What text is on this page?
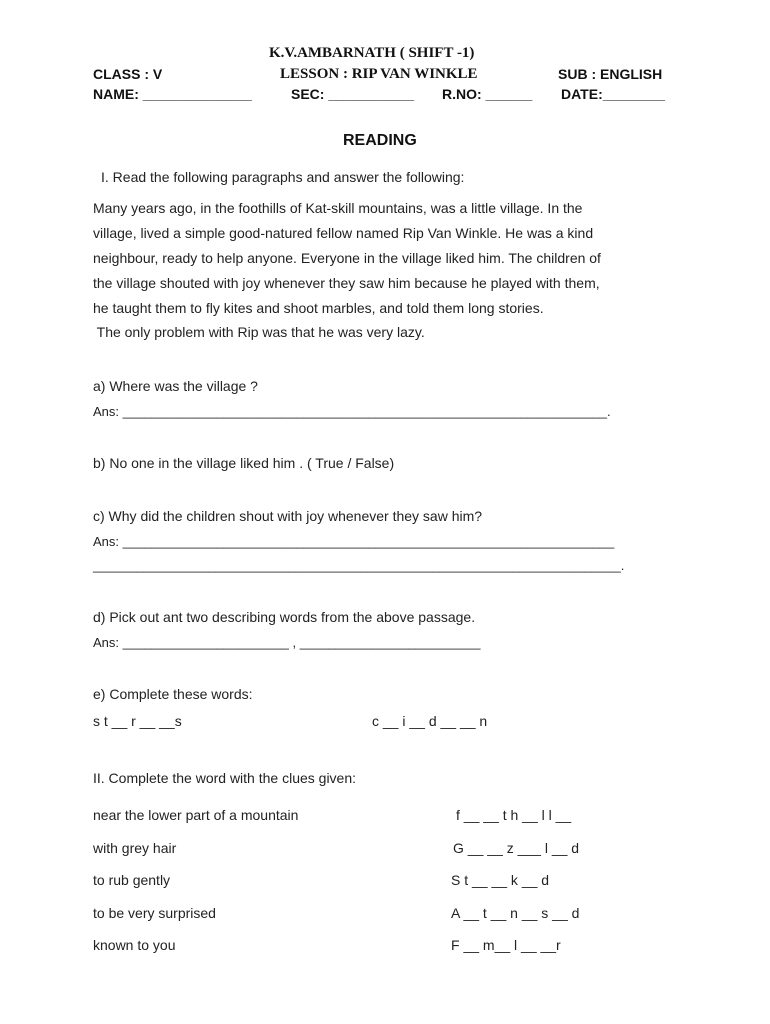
K.V.AMBARNATH ( SHIFT -1)
CLASS : V	LESSON : RIP VAN WINKLE	SUB : ENGLISH
NAME: ______________	SEC: ___________ R.NO: ______ DATE:________
READING
I. Read the following paragraphs and answer the following:
Many years ago, in the foothills of Kat-skill mountains, was a little village. In the
village, lived a simple good-natured fellow named Rip Van Winkle. He was a kind
neighbour, ready to help anyone. Everyone in the village liked him. The children of
the village shouted with joy whenever they saw him because he played with them,
he taught them to fly kites and shoot marbles, and told them long stories.
The only problem with Rip was that he was very lazy.
a) Where was the village ?
Ans: ___________________________________________________________________.
b) No one in the village liked him . ( True / False)
c) Why did the children shout with joy whenever they saw him?
Ans: ____________________________________________________________________
_________________________________________________________________________.
d) Pick out ant two describing words from the above passage.
Ans: _______________________ , _________________________
e) Complete these words:
s t __ r __ __s	c __ i __ d __ __ n
II. Complete the word with the clues given:
near the lower part of a mountain	f __ __ t h __ l l __
with grey hair	G __ __ z ___ l __ d
to rub gently	S t __ __ k __ d
to be very surprised	A __ t __ n __ s __ d
known to you	F __ m__ l __ __r
